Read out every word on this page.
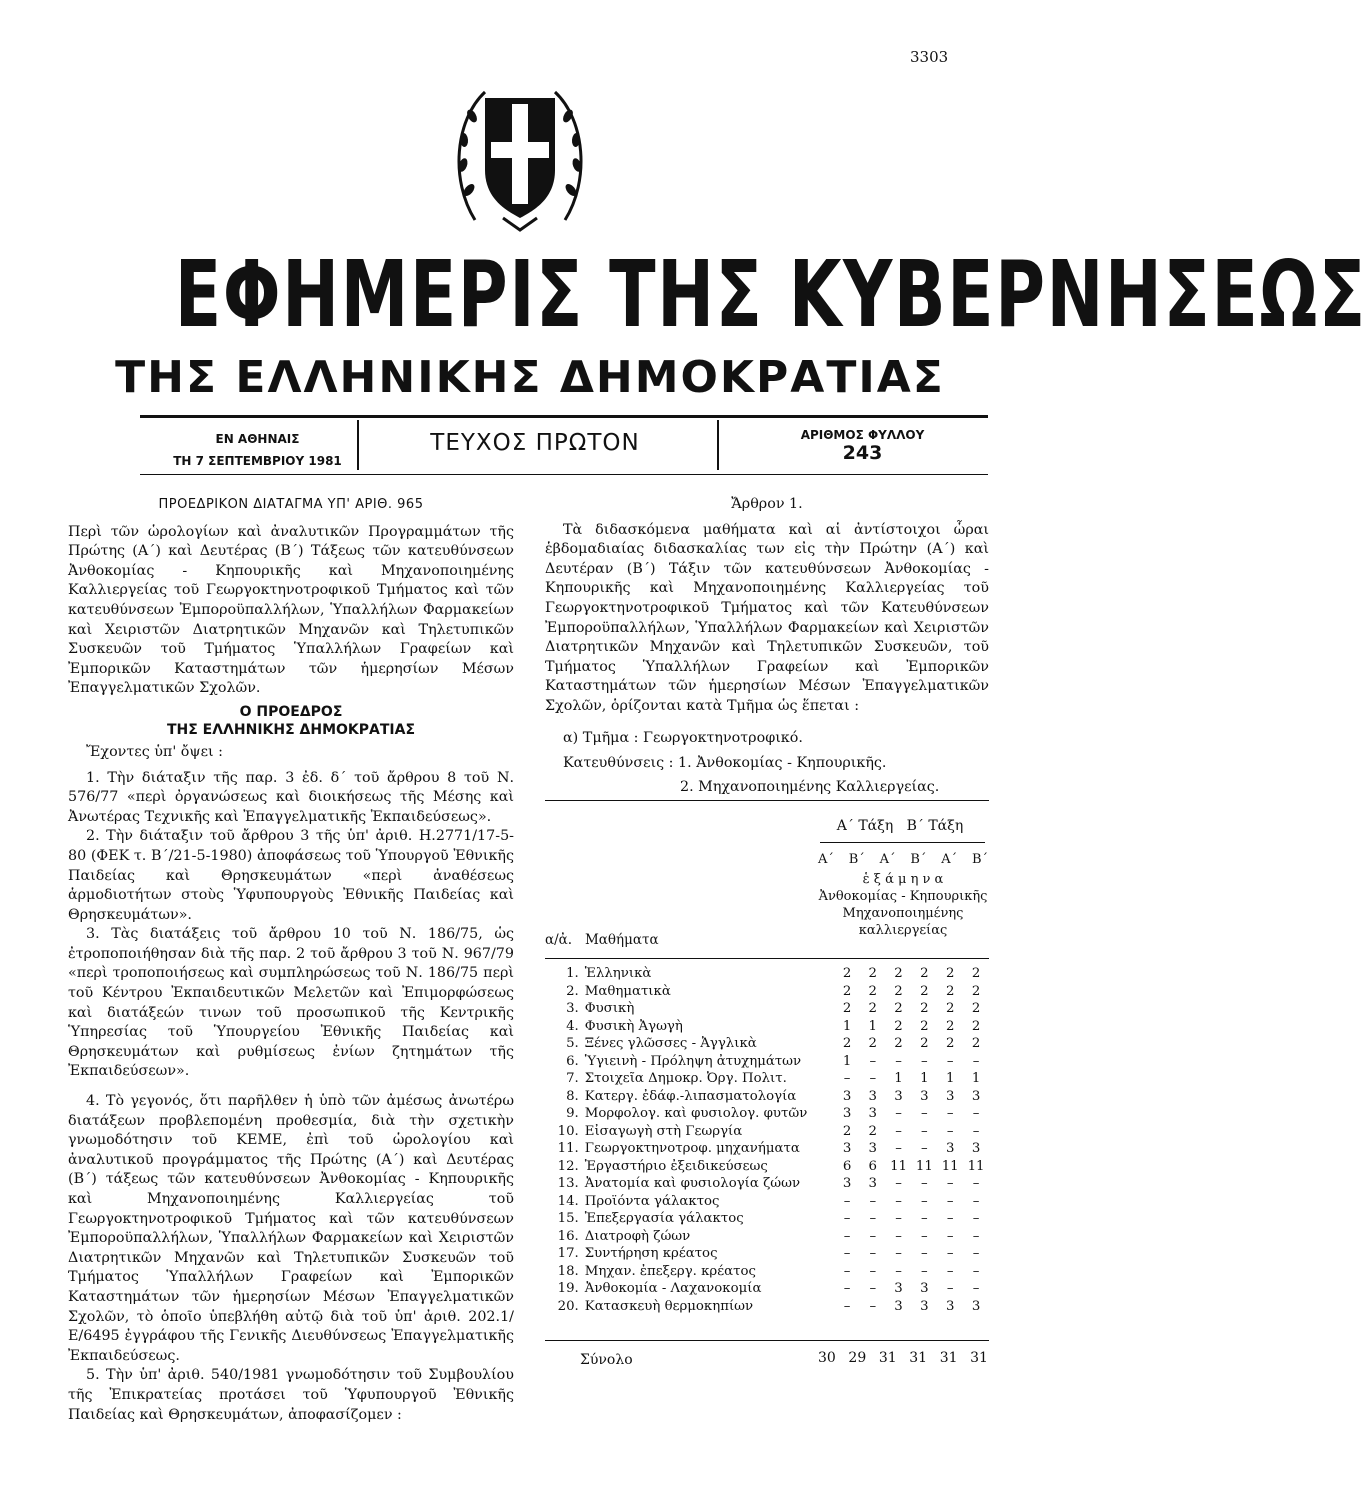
3303
ΕΦΗΜΕΡΙΣ ΤΗΣ ΚΥΒΕΡΝΗΣΕΩΣ
ΤΗΣ ΕΛΛΗΝΙΚΗΣ ΔΗΜΟΚΡΑΤΙΑΣ
ΕΝ ΑΘΗΝΑΙΣ
ΤΗ 7 ΣΕΠΤΕΜΒΡΙΟΥ 1981
ΤΕΥΧΟΣ ΠΡΩΤΟΝ	ΑΡΙΘΜΟΣ ΦΥΛΛΟΥ
243

ΠΡΟΕΔΡΙΚΟΝ ΔΙΑΤΑΓΜΑ ΥΠ' ΑΡΙΘ. 965

Περὶ τῶν ὡρολογίων καὶ ἀναλυτικῶν Προγραμμάτων τῆς Πρώτης (Α΄) καὶ Δευτέρας (Β΄) Τάξεως τῶν κατευθύνσεων Ἀνθοκομίας - Κηπουρικῆς καὶ Μηχανοποιημένης Καλλιεργείας τοῦ Γεωργοκτηνοτροφικοῦ Τμήματος καὶ τῶν κατευθύνσεων Ἐμποροϋπαλλήλων, Ὑπαλλήλων Φαρμακείων καὶ Χειριστῶν Διατρητικῶν Μηχανῶν καὶ Τηλετυπικῶν Συσκευῶν τοῦ Τμήματος Ὑπαλλήλων Γραφείων καὶ Ἐμπορικῶν Καταστημάτων τῶν ἡμερησίων Μέσων Ἐπαγγελματικῶν Σχολῶν.

Ο ΠΡΟΕΔΡΟΣ

ΤΗΣ ΕΛΛΗΝΙΚΗΣ ΔΗΜΟΚΡΑΤΙΑΣ

Ἔχοντες ὑπ' ὄψει :

1. Τὴν διάταξιν τῆς παρ. 3 ἐδ. δ΄ τοῦ ἄρθρου 8 τοῦ Ν. 576/77 «περὶ ὀργανώσεως καὶ διοικήσεως τῆς Μέσης καὶ Ἀνωτέρας Τεχνικῆς καὶ Ἐπαγγελματικῆς Ἐκπαιδεύσεως».

2. Τὴν διάταξιν τοῦ ἄρθρου 3 τῆς ὑπ' ἀριθ. Η.2771/17-5-80 (ΦΕΚ τ. Β΄/21-5-1980) ἀποφάσεως τοῦ Ὑπουργοῦ Ἐθνικῆς Παιδείας καὶ Θρησκευμάτων «περὶ ἀναθέσεως ἁρμοδιοτήτων στοὺς Ὑφυπουργοὺς Ἐθνικῆς Παιδείας καὶ Θρησκευμάτων».

3. Τὰς διατάξεις τοῦ ἄρθρου 10 τοῦ Ν. 186/75, ὡς ἐτροποποιήθησαν διὰ τῆς παρ. 2 τοῦ ἄρθρου 3 τοῦ Ν. 967/79 «περὶ τροποποιήσεως καὶ συμπληρώσεως τοῦ Ν. 186/75 περὶ τοῦ Κέντρου Ἐκπαιδευτικῶν Μελετῶν καὶ Ἐπιμορφώσεως καὶ διατάξεών τινων τοῦ προσωπικοῦ τῆς Κεντρικῆς Ὑπηρεσίας τοῦ Ὑπουργείου Ἐθνικῆς Παιδείας καὶ Θρησκευμάτων καὶ ρυθμίσεως ἐνίων ζητημάτων τῆς Ἐκπαιδεύσεων».

4. Τὸ γεγονός, ὅτι παρῆλθεν ἡ ὑπὸ τῶν ἀμέσως ἀνωτέρω διατάξεων προβλεπομένη προθεσμία, διὰ τὴν σχετικὴν γνωμοδότησιν τοῦ ΚΕΜΕ, ἐπὶ τοῦ ὡρολογίου καὶ ἀναλυτικοῦ προγράμματος τῆς Πρώτης (Α΄) καὶ Δευτέρας (Β΄) τάξεως τῶν κατευθύνσεων Ἀνθοκομίας - Κηπουρικῆς καὶ Μηχανοποιημένης Καλλιεργείας τοῦ Γεωργοκτηνοτροφικοῦ Τμήματος καὶ τῶν κατευθύνσεων Ἐμποροϋπαλλήλων, Ὑπαλλήλων Φαρμακείων καὶ Χειριστῶν Διατρητικῶν Μηχανῶν καὶ Τηλετυπικῶν Συσκευῶν τοῦ Τμήματος Ὑπαλλήλων Γραφείων καὶ Ἐμπορικῶν Καταστημάτων τῶν ἡμερησίων Μέσων Ἐπαγγελματικῶν Σχολῶν, τὸ ὁποῖο ὑπεβλήθη αὐτῷ διὰ τοῦ ὑπ' ἀριθ. 202.1/Ε/6495 ἐγγράφου τῆς Γενικῆς Διευθύνσεως Ἐπαγγελματικῆς Ἐκπαιδεύσεως.

5. Τὴν ὑπ' ἀριθ. 540/1981 γνωμοδότησιν τοῦ Συμβουλίου τῆς Ἐπικρατείας προτάσει τοῦ Ὑφυπουργοῦ Ἐθνικῆς Παιδείας καὶ Θρησκευμάτων, ἀποφασίζομεν :

Ἄρθρον 1.

Τὰ διδασκόμενα μαθήματα καὶ αἱ ἀντίστοιχοι ὧραι ἑβδομαδιαίας διδασκαλίας των εἰς τὴν Πρώτην (Α΄) καὶ Δευτέραν (Β΄) Τάξιν τῶν κατευθύνσεων Ἀνθοκομίας - Κηπουρικῆς καὶ Μηχανοποιημένης Καλλιεργείας τοῦ Γεωργοκτηνοτροφικοῦ Τμήματος καὶ τῶν Κατευθύνσεων Ἐμποροϋπαλλήλων, Ὑπαλλήλων Φαρμακείων καὶ Χειριστῶν Διατρητικῶν Μηχανῶν καὶ Τηλετυπικῶν Συσκευῶν, τοῦ Τμήματος Ὑπαλλήλων Γραφείων καὶ Ἐμπορικῶν Καταστημάτων τῶν ἡμερησίων Μέσων Ἐπαγγελματικῶν Σχολῶν, ὁρίζονται κατὰ Τμῆμα ὡς ἕπεται :

α) Τμῆμα : Γεωργοκτηνοτροφικό.

Κατευθύνσεις : 1. Ἀνθοκομίας - Κηπουρικῆς.

2. Μηχανοποιημένης Καλλιεργείας.

Α΄ Τάξη Β΄ Τάξη
Α΄ Β΄ Α΄ Β΄ Α΄ Β΄
ἑ ξ ά μ η ν α
Ἀνθοκομίας - Κηπουρικῆς
Μηχανοποιημένης καλλιεργείας
α/ἀ. Μαθήματα
1.	Ἑλληνικὰ	2	2	2	2	2	2
2.	Μαθηματικὰ	2	2	2	2	2	2
3.	Φυσικὴ	2	2	2	2	2	2
4.	Φυσικὴ Ἀγωγὴ	1	1	2	2	2	2
5.	Ξένες γλῶσσες - Ἀγγλικὰ	2	2	2	2	2	2
6.	Ὑγιεινὴ - Πρόληψη ἀτυχημάτων	1	–	–	–	–	–
7.	Στοιχεῖα Δημοκρ. Ὀργ. Πολιτ.	–	–	1	1	1	1
8.	Κατεργ. ἐδάφ.-λιπασματολογία	3	3	3	3	3	3
9.	Μορφολογ. καὶ φυσιολογ. φυτῶν	3	3	–	–	–	–
10.	Εἰσαγωγὴ στὴ Γεωργία	2	2	–	–	–	–
11.	Γεωργοκτηνοτροφ. μηχανήματα	3	3	–	–	3	3
12.	Ἐργαστήριο ἐξειδικεύσεως	6	6	11	11	11	11
13.	Ἀνατομία καὶ φυσιολογία ζώων	3	3	–	–	–	–
14.	Προϊόντα γάλακτος	–	–	–	–	–	–
15.	Ἐπεξεργασία γάλακτος	–	–	–	–	–	–
16.	Διατροφὴ ζώων	–	–	–	–	–	–
17.	Συντήρηση κρέατος	–	–	–	–	–	–
18.	Μηχαν. ἐπεξεργ. κρέατος	–	–	–	–	–	–
19.	Ἀνθοκομία - Λαχανοκομία	–	–	3	3	–	–
20.	Κατασκευὴ θερμοκηπίων	–	–	3	3	3	3
Σύνολο	30 29 31 31 31 31
